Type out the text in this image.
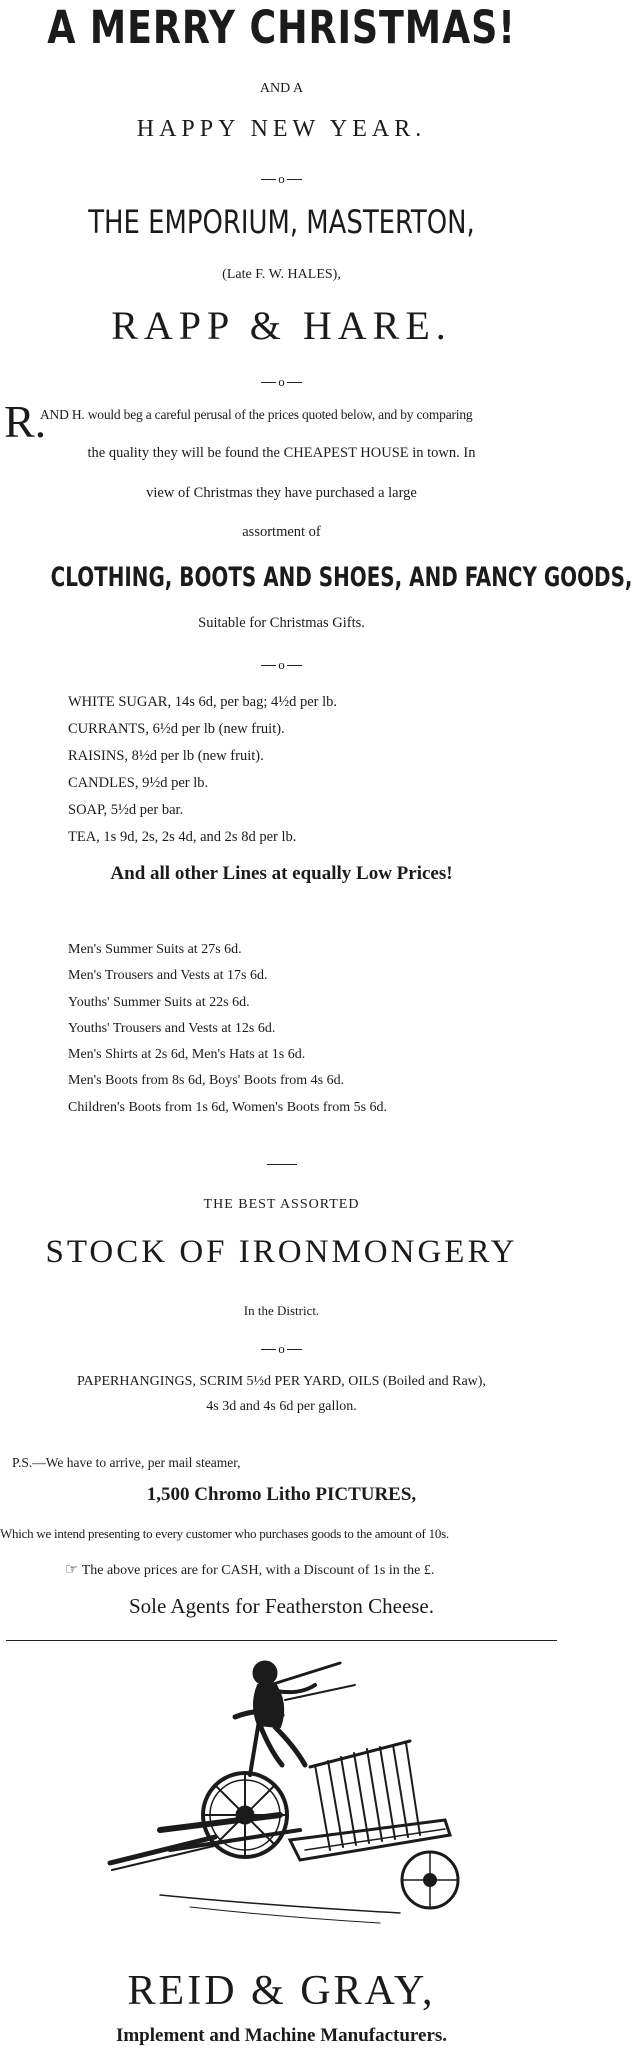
A MERRY CHRISTMAS!
AND A
HAPPY NEW YEAR.
o
THE EMPORIUM, MASTERTON,
(Late F. W. HALES),
RAPP & HARE.
o
R.
AND H. would beg a careful perusal of the prices quoted below, and by comparing
the quality they will be found the CHEAPEST HOUSE in town. In
view of Christmas they have purchased a large
assortment of
CLOTHING, BOOTS AND SHOES, AND FANCY GOODS,
Suitable for Christmas Gifts.
o
WHITE SUGAR, 14s 6d, per bag; 4½d per lb.
CURRANTS, 6½d per lb (new fruit).
RAISINS, 8½d per lb (new fruit).
CANDLES, 9½d per lb.
SOAP, 5½d per bar.
TEA, 1s 9d, 2s, 2s 4d, and 2s 8d per lb.
And all other Lines at equally Low Prices!
Men's Summer Suits at 27s 6d.
Men's Trousers and Vests at 17s 6d.
Youths' Summer Suits at 22s 6d.
Youths' Trousers and Vests at 12s 6d.
Men's Shirts at 2s 6d, Men's Hats at 1s 6d.
Men's Boots from 8s 6d, Boys' Boots from 4s 6d.
Children's Boots from 1s 6d, Women's Boots from 5s 6d.
THE BEST ASSORTED
STOCK OF IRONMONGERY
In the District.
o
PAPERHANGINGS, SCRIM 5½d PER YARD, OILS (Boiled and Raw),
4s 3d and 4s 6d per gallon.
P.S.—We have to arrive, per mail steamer,
1,500 Chromo Litho PICTURES,
Which we intend presenting to every customer who purchases goods to the amount of 10s.
☞ The above prices are for CASH, with a Discount of 1s in the £.
Sole Agents for Featherston Cheese.
REID & GRAY,
Implement and Machine Manufacturers.
